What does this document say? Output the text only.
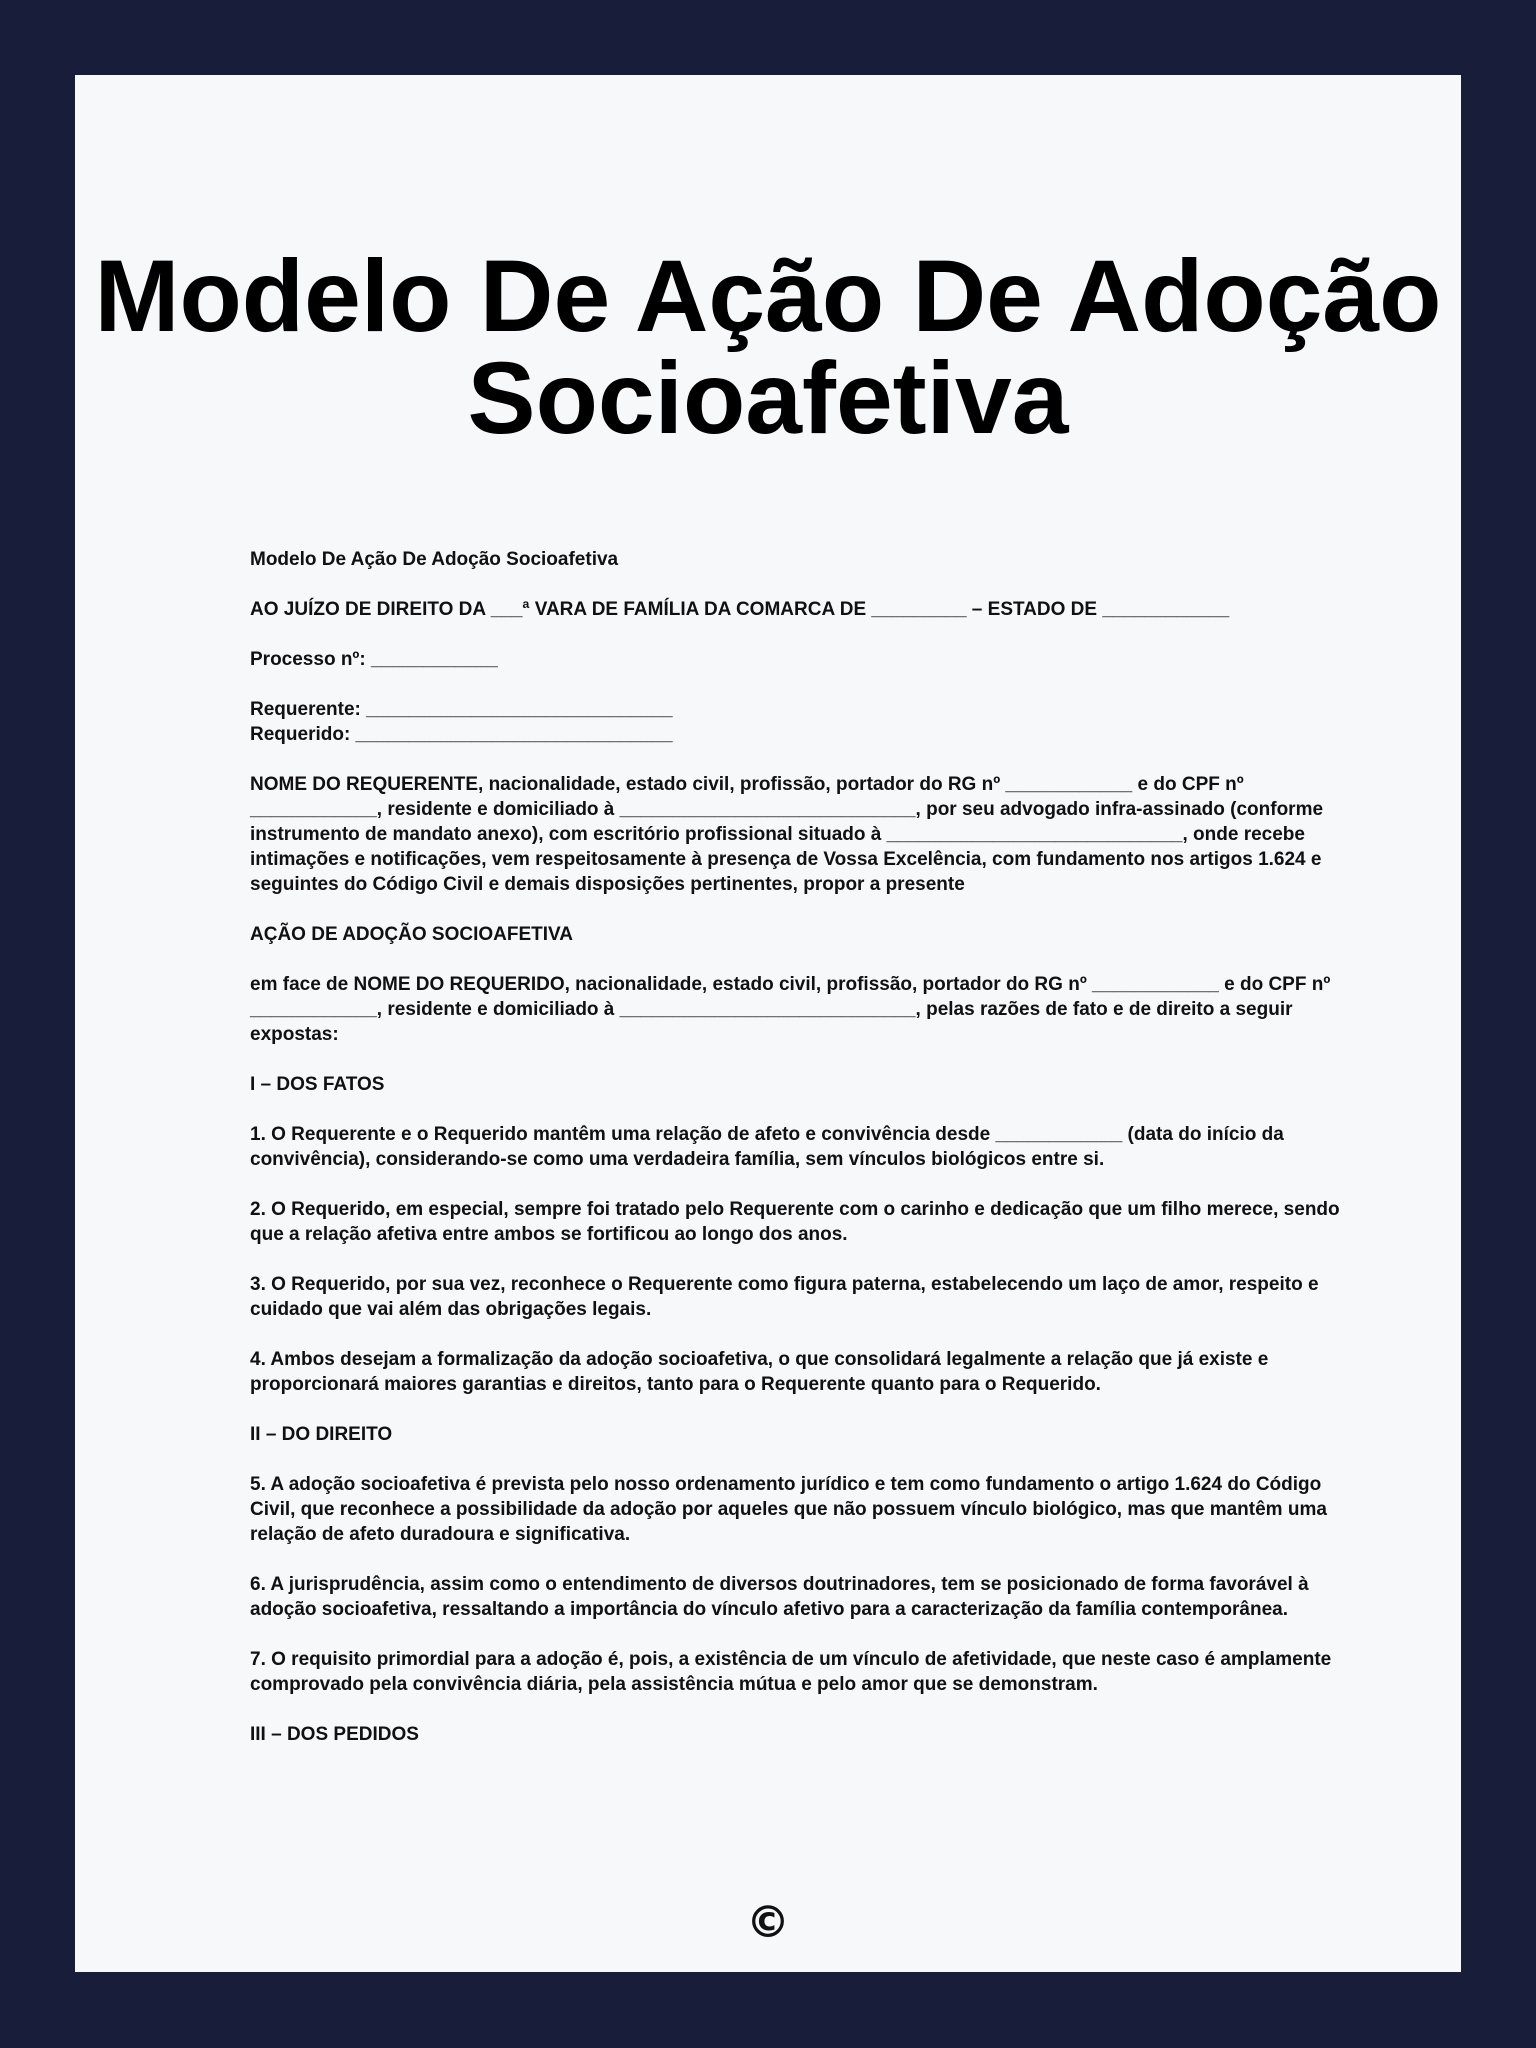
Modelo De Ação De Adoção Socioafetiva

Modelo De Ação De Adoção Socioafetiva

AO JUÍZO DE DIREITO DA ___ª VARA DE FAMÍLIA DA COMARCA DE _________ – ESTADO DE ____________

Processo nº: ____________

Requerente: _____________________________

Requerido: ______________________________

NOME DO REQUERENTE, nacionalidade, estado civil, profissão, portador do RG nº ____________ e do CPF nº ____________, residente e domiciliado à ____________________________, por seu advogado infra-assinado (conforme instrumento de mandato anexo), com escritório profissional situado à ____________________________, onde recebe intimações e notificações, vem respeitosamente à presença de Vossa Excelência, com fundamento nos artigos 1.624 e seguintes do Código Civil e demais disposições pertinentes, propor a presente

AÇÃO DE ADOÇÃO SOCIOAFETIVA

em face de NOME DO REQUERIDO, nacionalidade, estado civil, profissão, portador do RG nº ____________ e do CPF nº ____________, residente e domiciliado à ____________________________, pelas razões de fato e de direito a seguir expostas:

I – DOS FATOS

1. O Requerente e o Requerido mantêm uma relação de afeto e convivência desde ____________ (data do início da convivência), considerando-se como uma verdadeira família, sem vínculos biológicos entre si.

2. O Requerido, em especial, sempre foi tratado pelo Requerente com o carinho e dedicação que um filho merece, sendo que a relação afetiva entre ambos se fortificou ao longo dos anos.

3. O Requerido, por sua vez, reconhece o Requerente como figura paterna, estabelecendo um laço de amor, respeito e cuidado que vai além das obrigações legais.

4. Ambos desejam a formalização da adoção socioafetiva, o que consolidará legalmente a relação que já existe e proporcionará maiores garantias e direitos, tanto para o Requerente quanto para o Requerido.

II – DO DIREITO

5. A adoção socioafetiva é prevista pelo nosso ordenamento jurídico e tem como fundamento o artigo 1.624 do Código Civil, que reconhece a possibilidade da adoção por aqueles que não possuem vínculo biológico, mas que mantêm uma relação de afeto duradoura e significativa.

6. A jurisprudência, assim como o entendimento de diversos doutrinadores, tem se posicionado de forma favorável à adoção socioafetiva, ressaltando a importância do vínculo afetivo para a caracterização da família contemporânea.

7. O requisito primordial para a adoção é, pois, a existência de um vínculo de afetividade, que neste caso é amplamente comprovado pela convivência diária, pela assistência mútua e pelo amor que se demonstram.

III – DOS PEDIDOS

©
